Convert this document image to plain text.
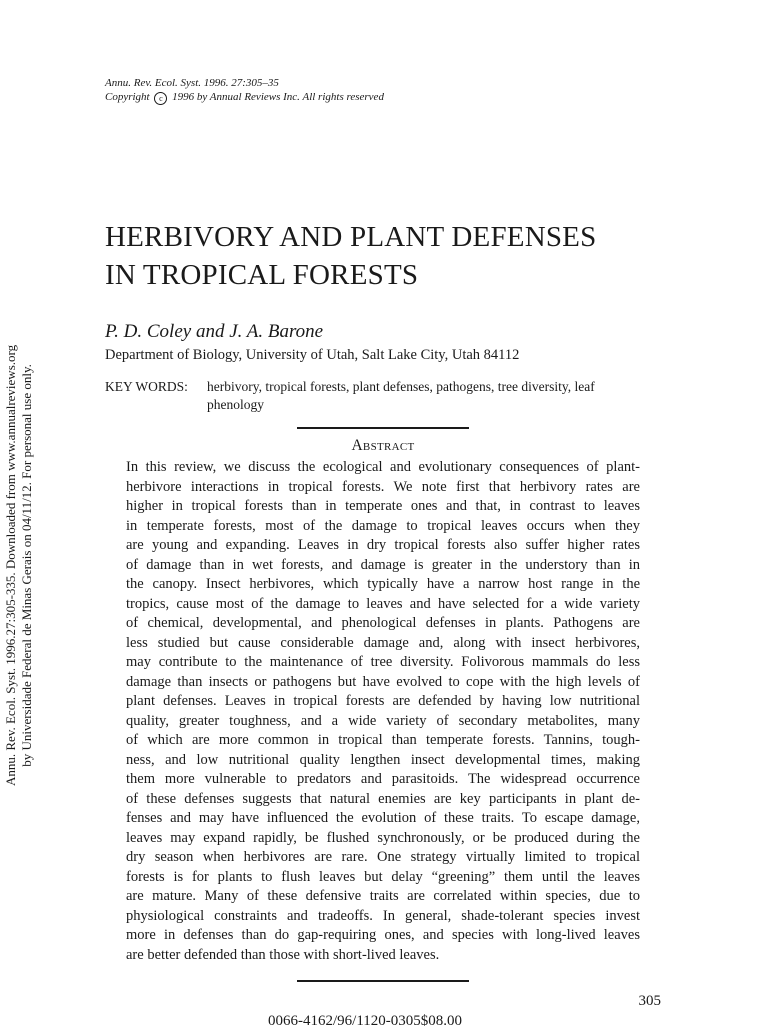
Annu. Rev. Ecol. Syst. 1996. 27:305–35
Copyright c 1996 by Annual Reviews Inc. All rights reserved
Annu. Rev. Ecol. Syst. 1996.27:305-335. Downloaded from www.annualreviews.org by Universidade Federal de Minas Gerais on 04/11/12. For personal use only.
HERBIVORY AND PLANT DEFENSES
IN TROPICAL FORESTS
P. D. Coley and J. A. Barone
Department of Biology, University of Utah, Salt Lake City, Utah 84112
KEY WORDS: herbivory, tropical forests, plant defenses, pathogens, tree diversity, leaf phenology
Abstract
In this review, we discuss the ecological and evolutionary consequences of plant-
herbivore interactions in tropical forests. We note first that herbivory rates are
higher in tropical forests than in temperate ones and that, in contrast to leaves
in temperate forests, most of the damage to tropical leaves occurs when they
are young and expanding. Leaves in dry tropical forests also suffer higher rates
of damage than in wet forests, and damage is greater in the understory than in
the canopy. Insect herbivores, which typically have a narrow host range in the
tropics, cause most of the damage to leaves and have selected for a wide variety
of chemical, developmental, and phenological defenses in plants. Pathogens are
less studied but cause considerable damage and, along with insect herbivores,
may contribute to the maintenance of tree diversity. Folivorous mammals do less
damage than insects or pathogens but have evolved to cope with the high levels of
plant defenses. Leaves in tropical forests are defended by having low nutritional
quality, greater toughness, and a wide variety of secondary metabolites, many
of which are more common in tropical than temperate forests. Tannins, tough-
ness, and low nutritional quality lengthen insect developmental times, making
them more vulnerable to predators and parasitoids. The widespread occurrence
of these defenses suggests that natural enemies are key participants in plant de-
fenses and may have influenced the evolution of these traits. To escape damage,
leaves may expand rapidly, be flushed synchronously, or be produced during the
dry season when herbivores are rare. One strategy virtually limited to tropical
forests is for plants to flush leaves but delay “greening” them until the leaves
are mature. Many of these defensive traits are correlated within species, due to
physiological constraints and tradeoffs. In general, shade-tolerant species invest
more in defenses than do gap-requiring ones, and species with long-lived leaves
are better defended than those with short-lived leaves.
305
0066-4162/96/1120-0305$08.00
